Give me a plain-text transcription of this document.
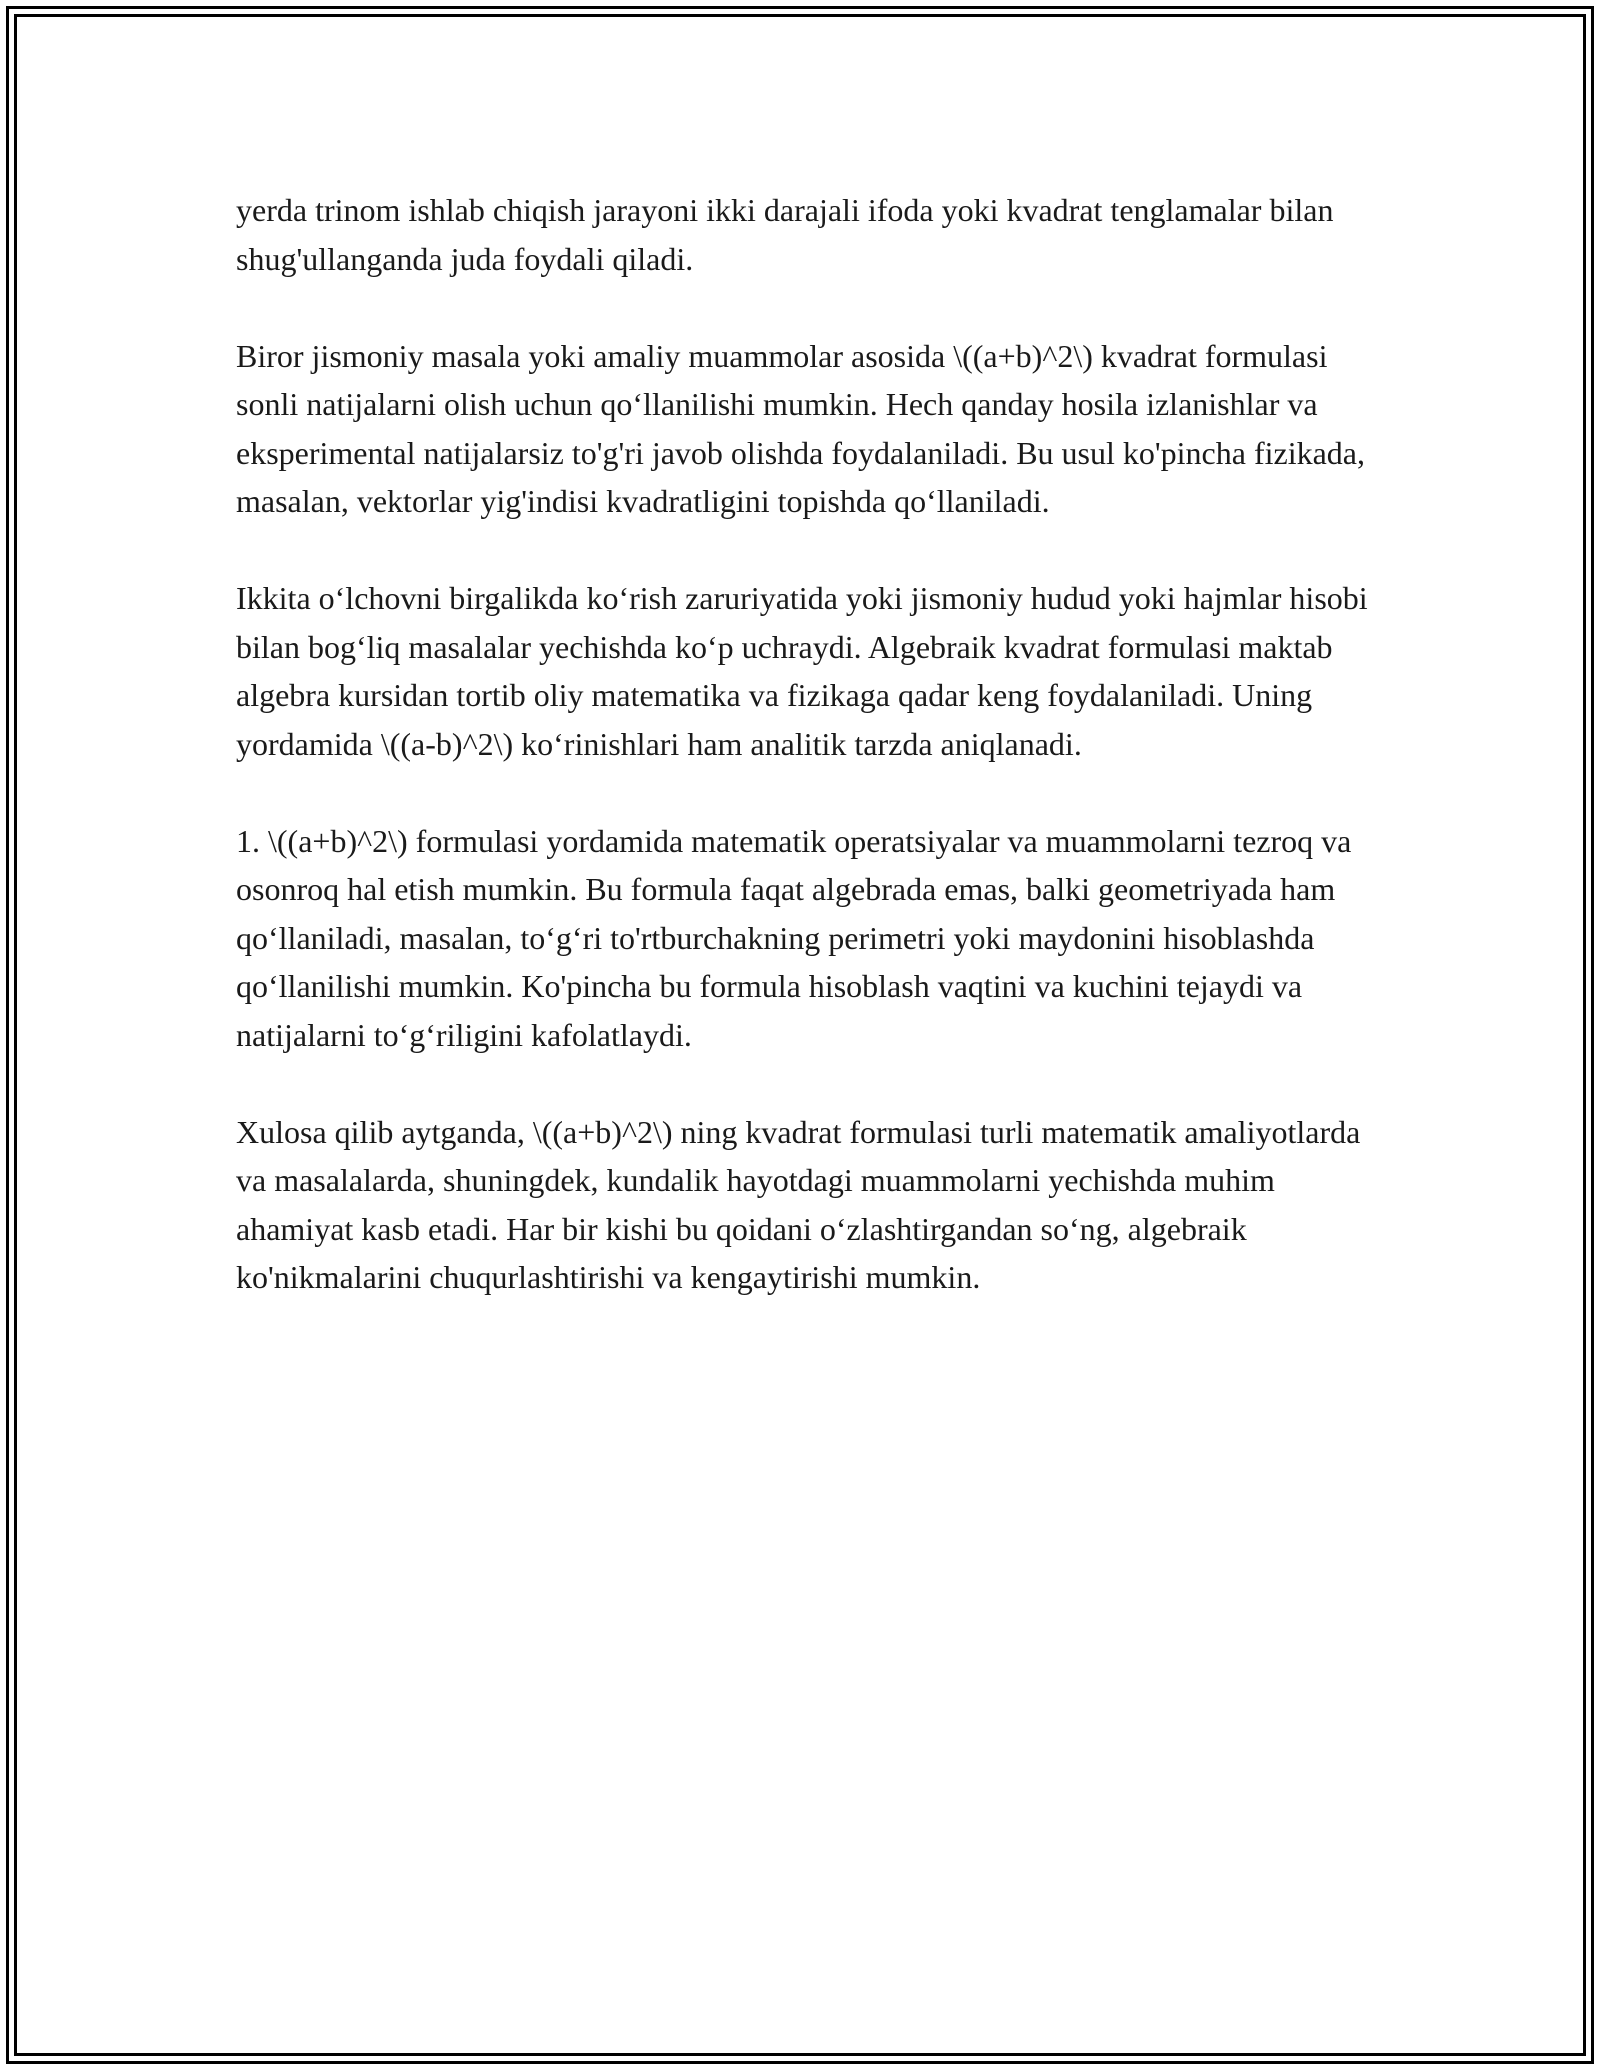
yerda trinom ishlab chiqish jarayoni ikki darajali ifoda yoki kvadrat tenglamalar bilan shug'ullanganda juda foydali qiladi.

Biror jismoniy masala yoki amaliy muammolar asosida \((a+b)^2\) kvadrat formulasi sonli natijalarni olish uchun qoʻllanilishi mumkin. Hech qanday hosila izlanishlar va eksperimental natijalarsiz to'g'ri javob olishda foydalaniladi. Bu usul ko'pincha fizikada, masalan, vektorlar yig'indisi kvadratligini topishda qoʻllaniladi.

Ikkita oʻlchovni birgalikda koʻrish zaruriyatida yoki jismoniy hudud yoki hajmlar hisobi bilan bogʻliq masalalar yechishda koʻp uchraydi. Algebraik kvadrat formulasi maktab algebra kursidan tortib oliy matematika va fizikaga qadar keng foydalaniladi. Uning yordamida \((a-b)^2\) koʻrinishlari ham analitik tarzda aniqlanadi.

1. \((a+b)^2\) formulasi yordamida matematik operatsiyalar va muammolarni tezroq va osonroq hal etish mumkin. Bu formula faqat algebrada emas, balki geometriyada ham qoʻllaniladi, masalan, toʻgʻri to'rtburchakning perimetri yoki maydonini hisoblashda qoʻllanilishi mumkin. Ko'pincha bu formula hisoblash vaqtini va kuchini tejaydi va natijalarni toʻgʻriligini kafolatlaydi.

Xulosa qilib aytganda, \((a+b)^2\) ning kvadrat formulasi turli matematik amaliyotlarda va masalalarda, shuningdek, kundalik hayotdagi muammolarni yechishda muhim ahamiyat kasb etadi. Har bir kishi bu qoidani oʻzlashtirgandan soʻng, algebraik ko'nikmalarini chuqurlashtirishi va kengaytirishi mumkin.
